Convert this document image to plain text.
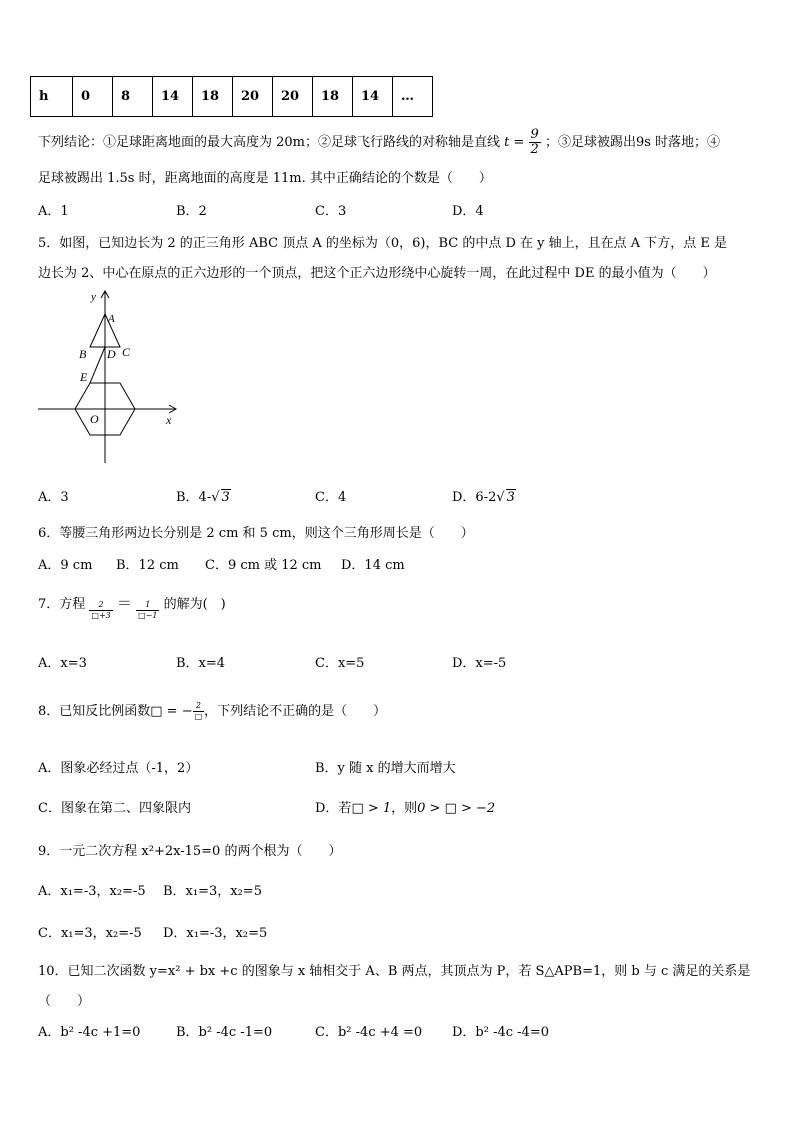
h	0	8	14	18	20	20	18	14	…
下列结论：①足球距离地面的最大高度为 20m；②足球飞行路线的对称轴是直线 $t = \frac{9}{2}$ ；③足球被踢出9s 时落地；④
足球被踢出 1.5s 时，距离地面的高度是 11m. 其中正确结论的个数是（　　）
A．1	B．2	C．3	D．4
5．如图，已知边长为 2 的正三角形 ABC 顶点 A 的坐标为（0，6)，BC 的中点 D 在 y 轴上，且在点 A 下方，点 E 是
边长为 2、中心在原点的正六边形的一个顶点，把这个正六边形绕中心旋转一周，在此过程中 DE 的最小值为（　　）
y
A
B D C
E
O	x
A．3	B．4- √ 3	C．4	D．6-2 √ 3
6．等腰三角形两边长分别是 2 cm 和 5 cm，则这个三角形周长是（　　）
A．9 cm B．12 cm C．9 cm 或 12 cm D．14 cm
7．方程 $\frac{2}{□+3} = \frac{1}{□-1}$ 的解为(　)
A．x=3	B．x=4	C．x=5	D．x=-5
8．已知反比例函数□ = − $\frac{2}{□}$ ，下列结论不正确的是（　　）
A．图象必经过点（-1，2）	B．y 随 x 的增大而增大
C．图象在第二、四象限内	D．若□ > 1，则0 > □ > −2
9．一元二次方程 x²+2x-15=0 的两个根为（　　）
A．x₁=-3，x₂=-5 B．x₁=3，x₂=5
C．x₁=3，x₂=-5 D．x₁=-3，x₂=5
10．已知二次函数 y=x² + bx +c 的图象与 x 轴相交于 A、B 两点，其顶点为 P，若 S△APB=1，则 b 与 c 满足的关系是
（　　）
A．b² -4c +1=0	B．b² -4c -1=0	C．b² -4c +4 =0 D．b² -4c -4=0
